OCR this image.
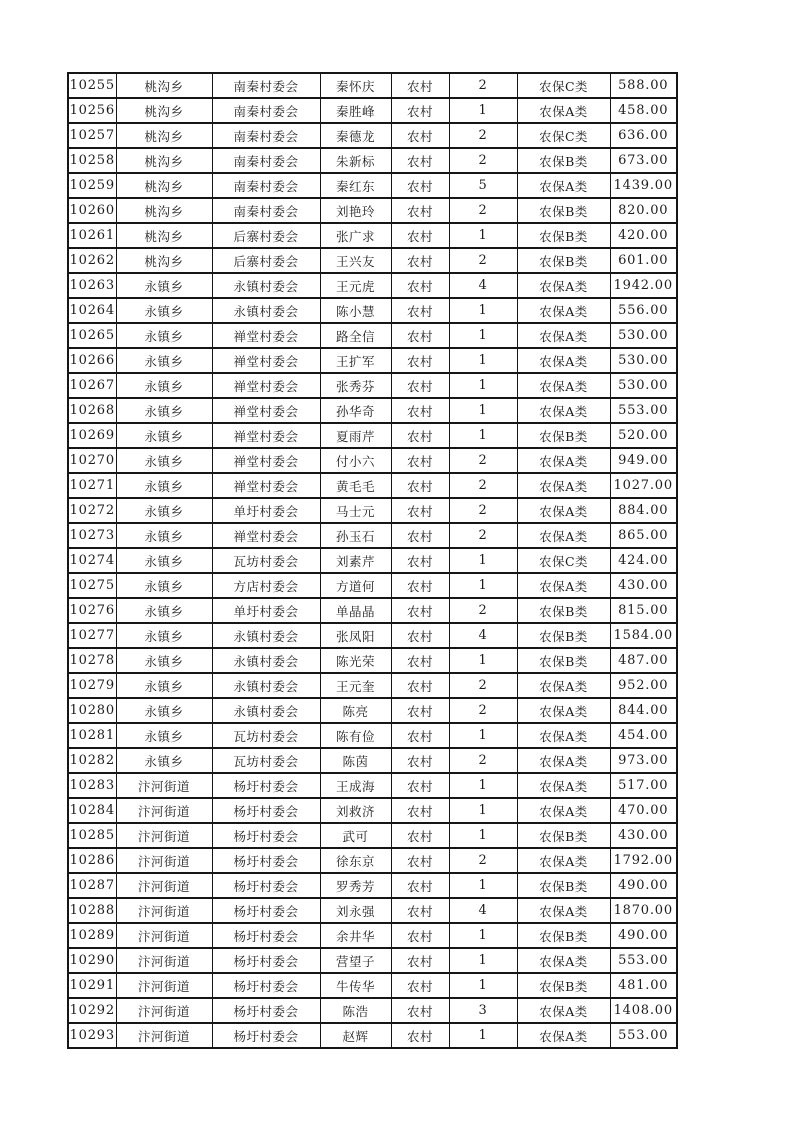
10255	桃沟乡	南秦村委会	秦怀庆	农村	2	农保C类	588.00
10256	桃沟乡	南秦村委会	秦胜峰	农村	1	农保A类	458.00
10257	桃沟乡	南秦村委会	秦德龙	农村	2	农保C类	636.00
10258	桃沟乡	南秦村委会	朱新标	农村	2	农保B类	673.00
10259	桃沟乡	南秦村委会	秦红东	农村	5	农保A类	1439.00
10260	桃沟乡	南秦村委会	刘艳玲	农村	2	农保B类	820.00
10261	桃沟乡	后寨村委会	张广求	农村	1	农保B类	420.00
10262	桃沟乡	后寨村委会	王兴友	农村	2	农保B类	601.00
10263	永镇乡	永镇村委会	王元虎	农村	4	农保A类	1942.00
10264	永镇乡	永镇村委会	陈小慧	农村	1	农保A类	556.00
10265	永镇乡	禅堂村委会	路全信	农村	1	农保A类	530.00
10266	永镇乡	禅堂村委会	王扩军	农村	1	农保A类	530.00
10267	永镇乡	禅堂村委会	张秀芬	农村	1	农保A类	530.00
10268	永镇乡	禅堂村委会	孙华奇	农村	1	农保A类	553.00
10269	永镇乡	禅堂村委会	夏雨芹	农村	1	农保B类	520.00
10270	永镇乡	禅堂村委会	付小六	农村	2	农保A类	949.00
10271	永镇乡	禅堂村委会	黄毛毛	农村	2	农保A类	1027.00
10272	永镇乡	单圩村委会	马士元	农村	2	农保A类	884.00
10273	永镇乡	禅堂村委会	孙玉石	农村	2	农保A类	865.00
10274	永镇乡	瓦坊村委会	刘素芹	农村	1	农保C类	424.00
10275	永镇乡	方店村委会	方道何	农村	1	农保A类	430.00
10276	永镇乡	单圩村委会	单晶晶	农村	2	农保B类	815.00
10277	永镇乡	永镇村委会	张凤阳	农村	4	农保B类	1584.00
10278	永镇乡	永镇村委会	陈光荣	农村	1	农保B类	487.00
10279	永镇乡	永镇村委会	王元奎	农村	2	农保A类	952.00
10280	永镇乡	永镇村委会	陈亮	农村	2	农保A类	844.00
10281	永镇乡	瓦坊村委会	陈有俭	农村	1	农保A类	454.00
10282	永镇乡	瓦坊村委会	陈茵	农村	2	农保A类	973.00
10283	汴河街道	杨圩村委会	王成海	农村	1	农保A类	517.00
10284	汴河街道	杨圩村委会	刘救济	农村	1	农保A类	470.00
10285	汴河街道	杨圩村委会	武可	农村	1	农保B类	430.00
10286	汴河街道	杨圩村委会	徐东京	农村	2	农保A类	1792.00
10287	汴河街道	杨圩村委会	罗秀芳	农村	1	农保B类	490.00
10288	汴河街道	杨圩村委会	刘永强	农村	4	农保A类	1870.00
10289	汴河街道	杨圩村委会	余井华	农村	1	农保B类	490.00
10290	汴河街道	杨圩村委会	营望子	农村	1	农保A类	553.00
10291	汴河街道	杨圩村委会	牛传华	农村	1	农保B类	481.00
10292	汴河街道	杨圩村委会	陈浩	农村	3	农保A类	1408.00
10293	汴河街道	杨圩村委会	赵辉	农村	1	农保A类	553.00
